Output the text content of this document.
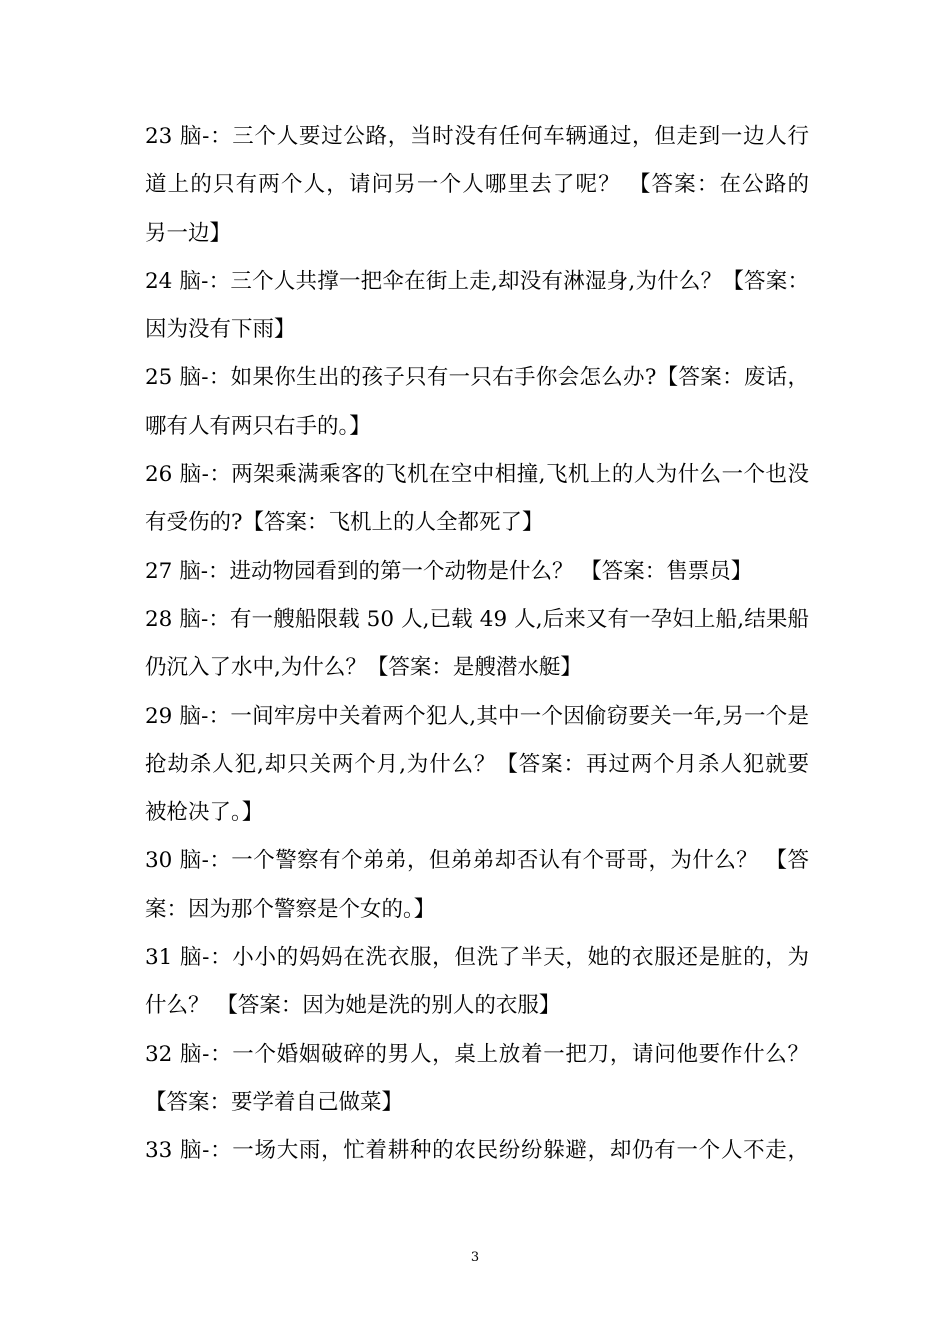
23 脑-：三个人要过公路，当时没有任何车辆通过，但走到一边人行
道上的只有两个人，请问另一个人哪里去了呢？ 【答案：在公路的
另一边】
24 脑-：三个人共撑一把伞在街上走,却没有淋湿身,为什么？【答案：
因为没有下雨】
25 脑-：如果你生出的孩子只有一只右手你会怎么办?【答案：废话，
哪有人有两只右手的。】
26 脑-：两架乘满乘客的飞机在空中相撞,飞机上的人为什么一个也没
有受伤的?【答案：飞机上的人全都死了】
27 脑-：进动物园看到的第一个动物是什么？ 【答案：售票员】
28 脑-：有一艘船限载 50 人,已载 49 人,后来又有一孕妇上船,结果船
仍沉入了水中,为什么？【答案：是艘潜水艇】
29 脑-：一间牢房中关着两个犯人,其中一个因偷窃要关一年,另一个是
抢劫杀人犯,却只关两个月,为什么？【答案：再过两个月杀人犯就要
被枪决了。】
30 脑-：一个警察有个弟弟，但弟弟却否认有个哥哥，为什么？ 【答
案：因为那个警察是个女的。】
31 脑-：小小的妈妈在洗衣服，但洗了半天，她的衣服还是脏的，为
什么？ 【答案：因为她是洗的别人的衣服】
32 脑-：一个婚姻破碎的男人，桌上放着一把刀，请问他要作什么？
【答案：要学着自己做菜】
33 脑-：一场大雨，忙着耕种的农民纷纷躲避，却仍有一个人不走，
3
